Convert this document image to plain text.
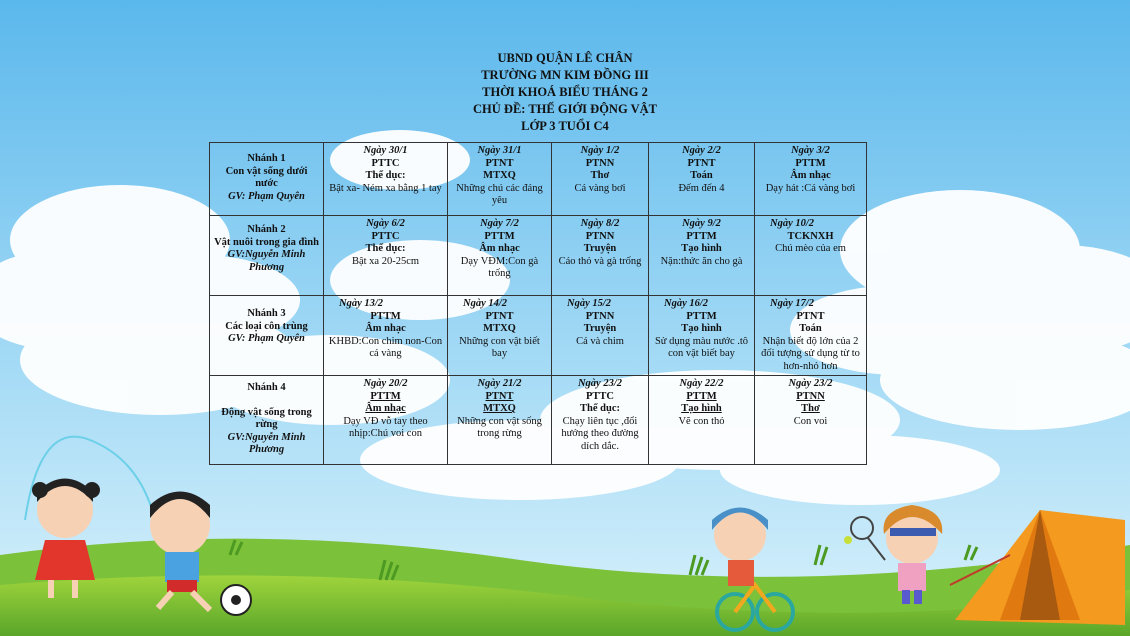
UBND QUẬN LÊ CHÂN
TRƯỜNG MN KIM ĐỒNG III
THỜI KHOÁ BIỂU THÁNG 2
CHỦ ĐỀ: THẾ GIỚI ĐỘNG VẬT
LỚP 3 TUỔI C4
Nhánh 1
Con vật sống dưới nước
GV: Phạm Quyên	Ngày 30/1
PTTC
Thể dục:
Bật xa- Ném xa bằng 1 tay	Ngày 31/1
PTNT
MTXQ
Những chú các đáng yêu	Ngày 1/2
PTNN
Thơ
Cá vàng bơi	Ngày 2/2
PTNT
Toán
Đếm đến 4	Ngày 3/2
PTTM
Âm nhạc
Dạy hát :Cá vàng bơi

Nhánh 2
Vật nuôi trong gia đình
GV:Nguyễn Minh Phương	Ngày 6/2
PTTC
Thể dục:
Bật xa 20-25cm	Ngày 7/2
PTTM
Âm nhạc
Dạy VĐM:Con gà trống	Ngày 8/2
PTNN
Truyện
Cáo thỏ và gà trống	Ngày 9/2
PTTM
Tạo hình
Nặn:thức ăn cho gà	Ngày 10/2
TCKNXH
Chú mèo của em

Nhánh 3
Các loại côn trùng
GV: Phạm Quyên	Ngày 13/2
PTTM
Âm nhạc
KHBD:Con chim non-Con cá vàng	Ngày 14/2
PTNT
MTXQ
Những con vật biết bay	Ngày 15/2
PTNN
Truyện
Cá và chim	Ngày 16/2
PTTM
Tạo hình
Sử dụng màu nước .tô con vật biết bay	Ngày 17/2
PTNT
Toán
Nhận biết độ lớn của 2 đối tượng sử dụng từ to hơn-nhỏ hơn

Nhánh 4
Động vật sống trong rừng
GV:Nguyễn Minh Phương	Ngày 20/2
PTTM
Âm nhạc
Dạy VĐ vỗ tay theo nhịp:Chú voi con	Ngày 21/2
PTNT
MTXQ
Những con vật sống trong rừng	Ngày 23/2
PTTC
Thể dục:
Chạy liên tục ,đổi hướng theo đường dích dắc.	Ngày 22/2
PTTM
Tạo hình
Vẽ con thỏ	Ngày 23/2
PTNN
Thơ
Con voi
